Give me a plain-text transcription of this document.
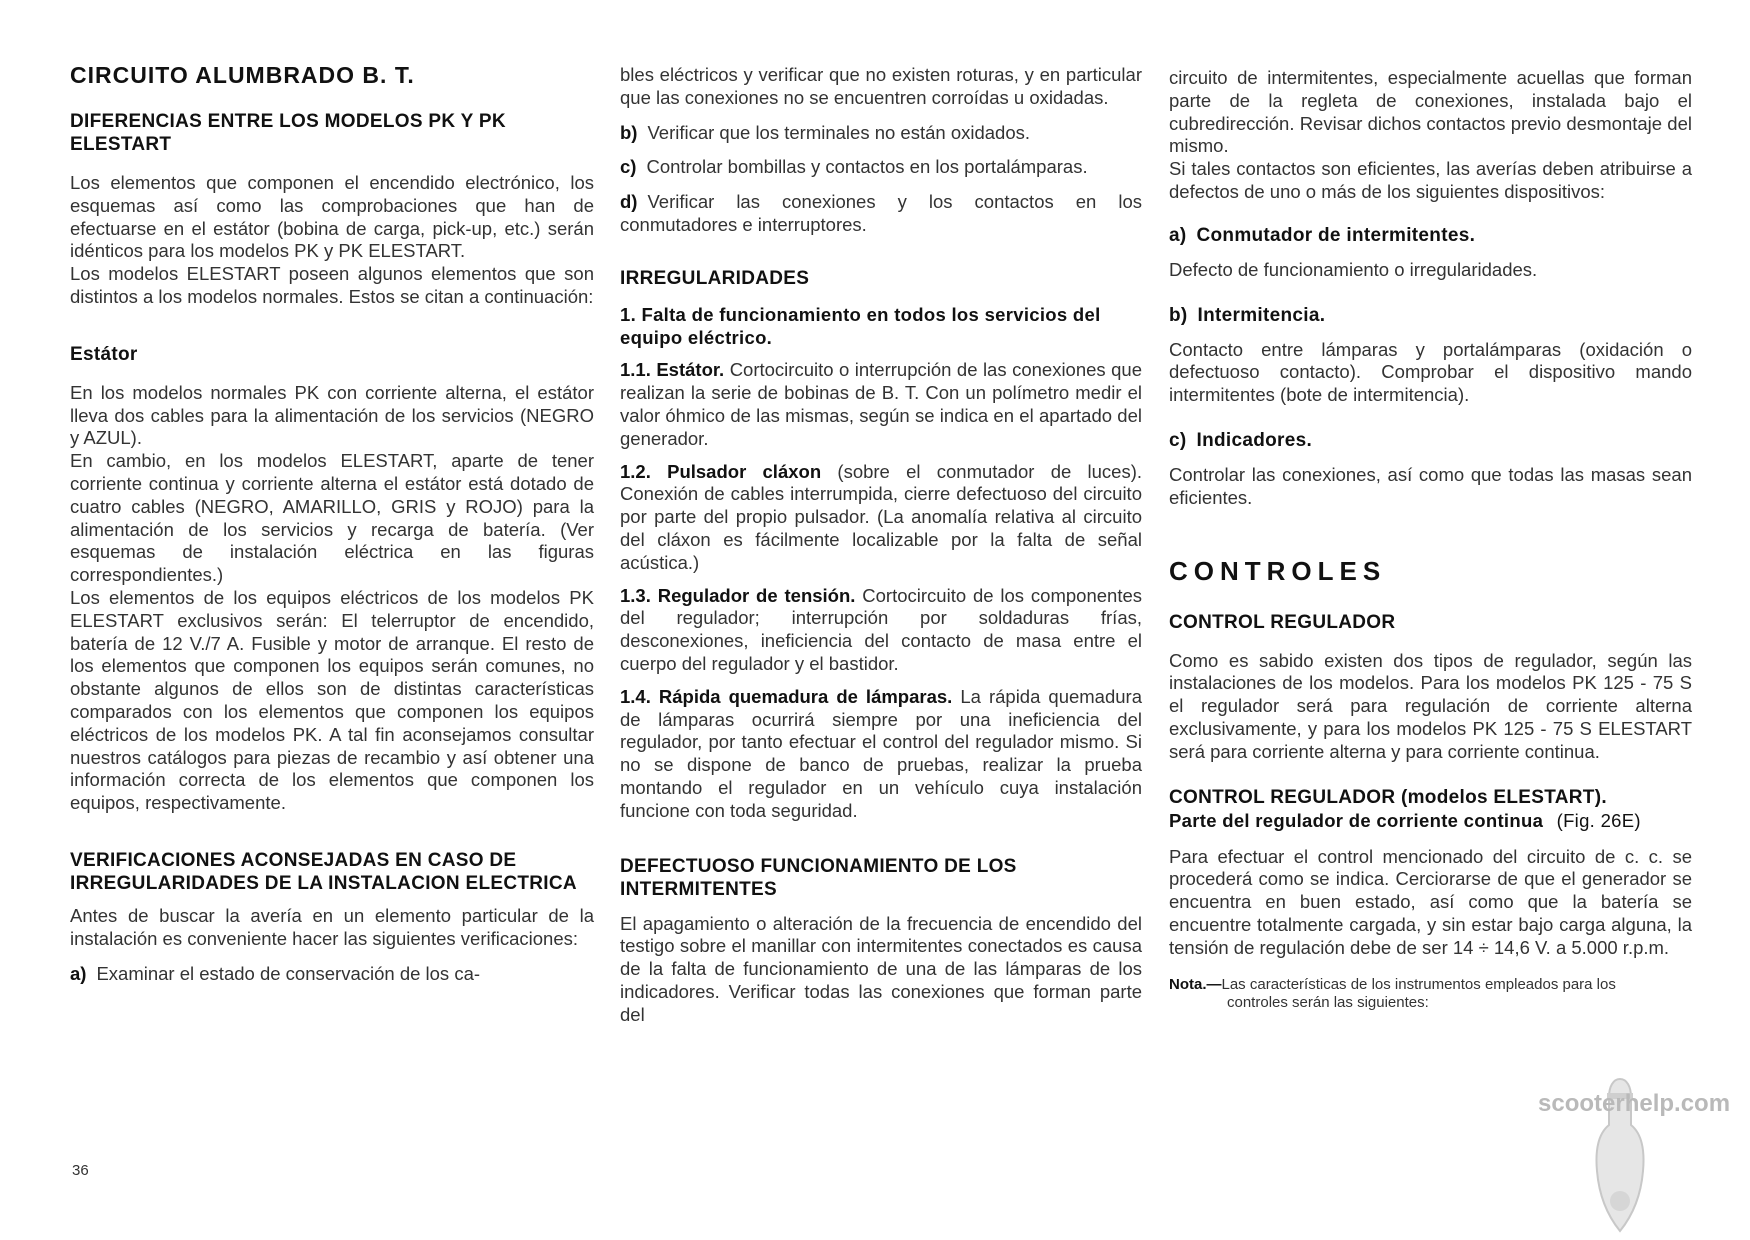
CIRCUITO ALUMBRADO B. T.
DIFERENCIAS ENTRE LOS MODELOS PK Y PK ELESTART

Los elementos que componen el encendido electrónico, los esquemas así como las comprobaciones que han de efectuarse en el estátor (bobina de carga, pick-up, etc.) serán idénticos para los modelos PK y PK ELESTART.

Los modelos ELESTART poseen algunos elementos que son distintos a los modelos normales. Estos se citan a continuación:

Estátor

En los modelos normales PK con corriente alterna, el estátor lleva dos cables para la alimentación de los servicios (NEGRO y AZUL).

En cambio, en los modelos ELESTART, aparte de tener corriente continua y corriente alterna el estátor está dotado de cuatro cables (NEGRO, AMARILLO, GRIS y ROJO) para la alimentación de los servicios y recarga de batería. (Ver esquemas de instalación eléctrica en las figuras correspondientes.)

Los elementos de los equipos eléctricos de los modelos PK ELESTART exclusivos serán: El telerruptor de encendido, batería de 12 V./7 A. Fusible y motor de arranque. El resto de los elementos que componen los equipos serán comunes, no obstante algunos de ellos son de distintas características comparados con los elementos que componen los equipos eléctricos de los modelos PK. A tal fin aconsejamos consultar nuestros catálogos para piezas de recambio y así obtener una información correcta de los elementos que componen los equipos, respectivamente.

VERIFICACIONES ACONSEJADAS EN CASO DE IRREGULARIDADES DE LA INSTALACION ELECTRICA

Antes de buscar la avería en un elemento particular de la instalación es conveniente hacer las siguientes verificaciones:

a) Examinar el estado de conservación de los ca-

bles eléctricos y verificar que no existen roturas, y en particular que las conexiones no se encuentren corroídas u oxidadas.

b) Verificar que los terminales no están oxidados.

c) Controlar bombillas y contactos en los portalámparas.

d) Verificar las conexiones y los contactos en los conmutadores e interruptores.

IRREGULARIDADES

1. Falta de funcionamiento en todos los servicios del equipo eléctrico.

1.1. Estátor. Cortocircuito o interrupción de las conexiones que realizan la serie de bobinas de B. T. Con un polímetro medir el valor óhmico de las mismas, según se indica en el apartado del generador.

1.2. Pulsador cláxon (sobre el conmutador de luces). Conexión de cables interrumpida, cierre defectuoso del circuito por parte del propio pulsador. (La anomalía relativa al circuito del cláxon es fácilmente localizable por la falta de señal acústica.)

1.3. Regulador de tensión. Cortocircuito de los componentes del regulador; interrupción por soldaduras frías, desconexiones, ineficiencia del contacto de masa entre el cuerpo del regulador y el bastidor.

1.4. Rápida quemadura de lámparas. La rápida quemadura de lámparas ocurrirá siempre por una ineficiencia del regulador, por tanto efectuar el control del regulador mismo. Si no se dispone de banco de pruebas, realizar la prueba montando el regulador en un vehículo cuya instalación funcione con toda seguridad.

DEFECTUOSO FUNCIONAMIENTO DE LOS INTERMITENTES

El apagamiento o alteración de la frecuencia de encendido del testigo sobre el manillar con intermitentes conectados es causa de la falta de funcionamiento de una de las lámparas de los indicadores. Verificar todas las conexiones que forman parte del

circuito de intermitentes, especialmente acuellas que forman parte de la regleta de conexiones, instalada bajo el cubredirección. Revisar dichos contactos previo desmontaje del mismo.

Si tales contactos son eficientes, las averías deben atribuirse a defectos de uno o más de los siguientes dispositivos:

a) Conmutador de intermitentes.

Defecto de funcionamiento o irregularidades.

b) Intermitencia.

Contacto entre lámparas y portalámparas (oxidación o defectuoso contacto). Comprobar el dispositivo mando intermitentes (bote de intermitencia).

c) Indicadores.

Controlar las conexiones, así como que todas las masas sean eficientes.

CONTROLES
CONTROL REGULADOR

Como es sabido existen dos tipos de regulador, según las instalaciones de los modelos. Para los modelos PK 125 - 75 S el regulador será para regulación de corriente alterna exclusivamente, y para los modelos PK 125 - 75 S ELESTART será para corriente alterna y para corriente continua.

CONTROL REGULADOR (modelos ELESTART).

Parte del regulador de corriente continua (Fig. 26E)

Para efectuar el control mencionado del circuito de c. c. se procederá como se indica. Cerciorarse de que el generador se encuentra en buen estado, así como que la batería se encuentre totalmente cargada, y sin estar bajo carga alguna, la tensión de regulación debe de ser 14 ÷ 14,6 V. a 5.000 r.p.m.

Nota.—Las características de los instrumentos empleados para los controles serán las siguientes:

36
scooterhelp.com
